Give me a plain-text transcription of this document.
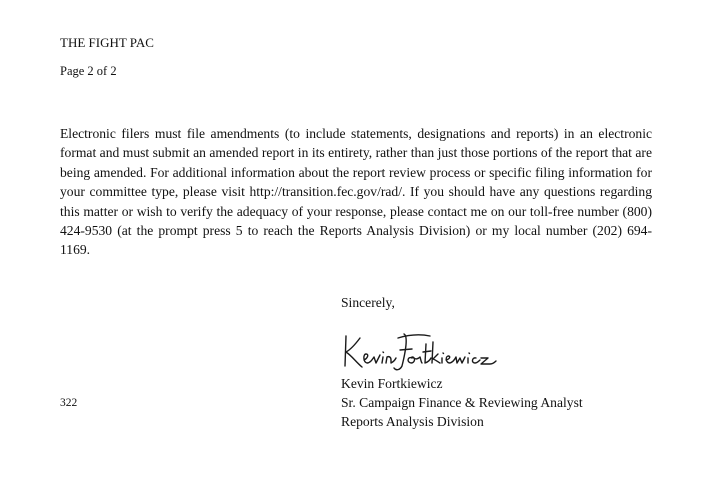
THE FIGHT PAC
Page 2 of 2

Electronic filers must file amendments (to include statements, designations and reports) in an electronic format and must submit an amended report in its entirety, rather than just those portions of the report that are being amended. For additional information about the report review process or specific filing information for your committee type, please visit http://transition.fec.gov/rad/. If you should have any questions regarding this matter or wish to verify the adequacy of your response, please contact me on our toll-free number (800) 424-9530 (at the prompt press 5 to reach the Reports Analysis Division) or my local number (202) 694-1169.

Sincerely,
Kevin Fortkiewicz
Kevin Fortkiewicz
Sr. Campaign Finance & Reviewing Analyst
Reports Analysis Division
322
